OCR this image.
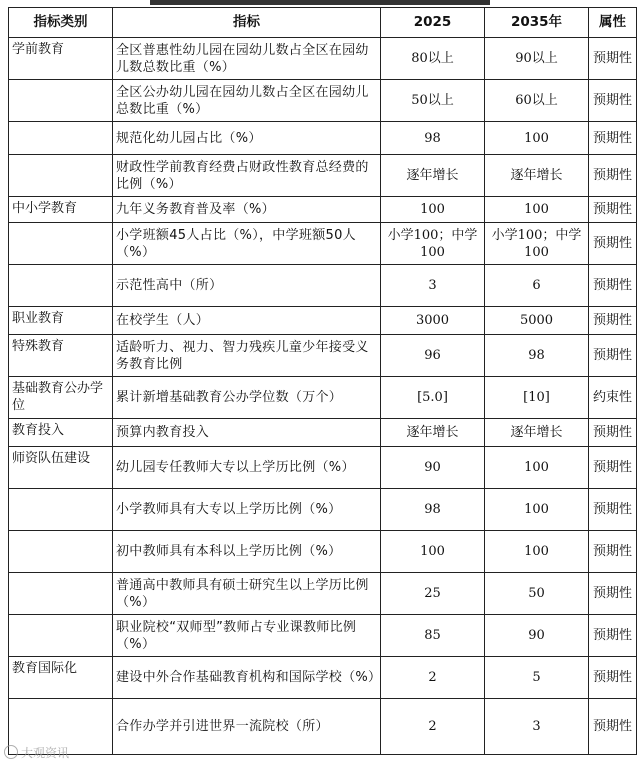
指标类别	指标	2025	2035年	属性
学前教育	全区普惠性幼儿园在园幼儿数占全区在园幼儿数总数比重（%）	80以上	90以上	预期性
	全区公办幼儿园在园幼儿数占全区在园幼儿总数比重（%）	50以上	60以上	预期性
	规范化幼儿园占比（%）	98	100	预期性
	财政性学前教育经费占财政性教育总经费的比例（%）	逐年增长	逐年增长	预期性
中小学教育	九年义务教育普及率（%）	100	100	预期性
	小学班额45人占比（%），中学班额50人（%）	小学100；中学100	小学100；中学100	预期性
	示范性高中（所）	3	6	预期性
职业教育	在校学生（人）	3000	5000	预期性
特殊教育	适龄听力、视力、智力残疾儿童少年接受义务教育比例	96	98	预期性
基础教育公办学位	累计新增基础教育公办学位数（万个）	[5.0]	[10]	约束性
教育投入	预算内教育投入	逐年增长	逐年增长	预期性
师资队伍建设	幼儿园专任教师大专以上学历比例（%）	90	100	预期性
	小学教师具有大专以上学历比例（%）	98	100	预期性
	初中教师具有本科以上学历比例（%）	100	100	预期性
	普通高中教师具有硕士研究生以上学历比例（%）	25	50	预期性
	职业院校“双师型”教师占专业课教师比例（%）	85	90	预期性
教育国际化	建设中外合作基础教育机构和国际学校（%）	2	5	预期性
	合作办学并引进世界一流院校（所）	2	3	预期性
大观资讯
